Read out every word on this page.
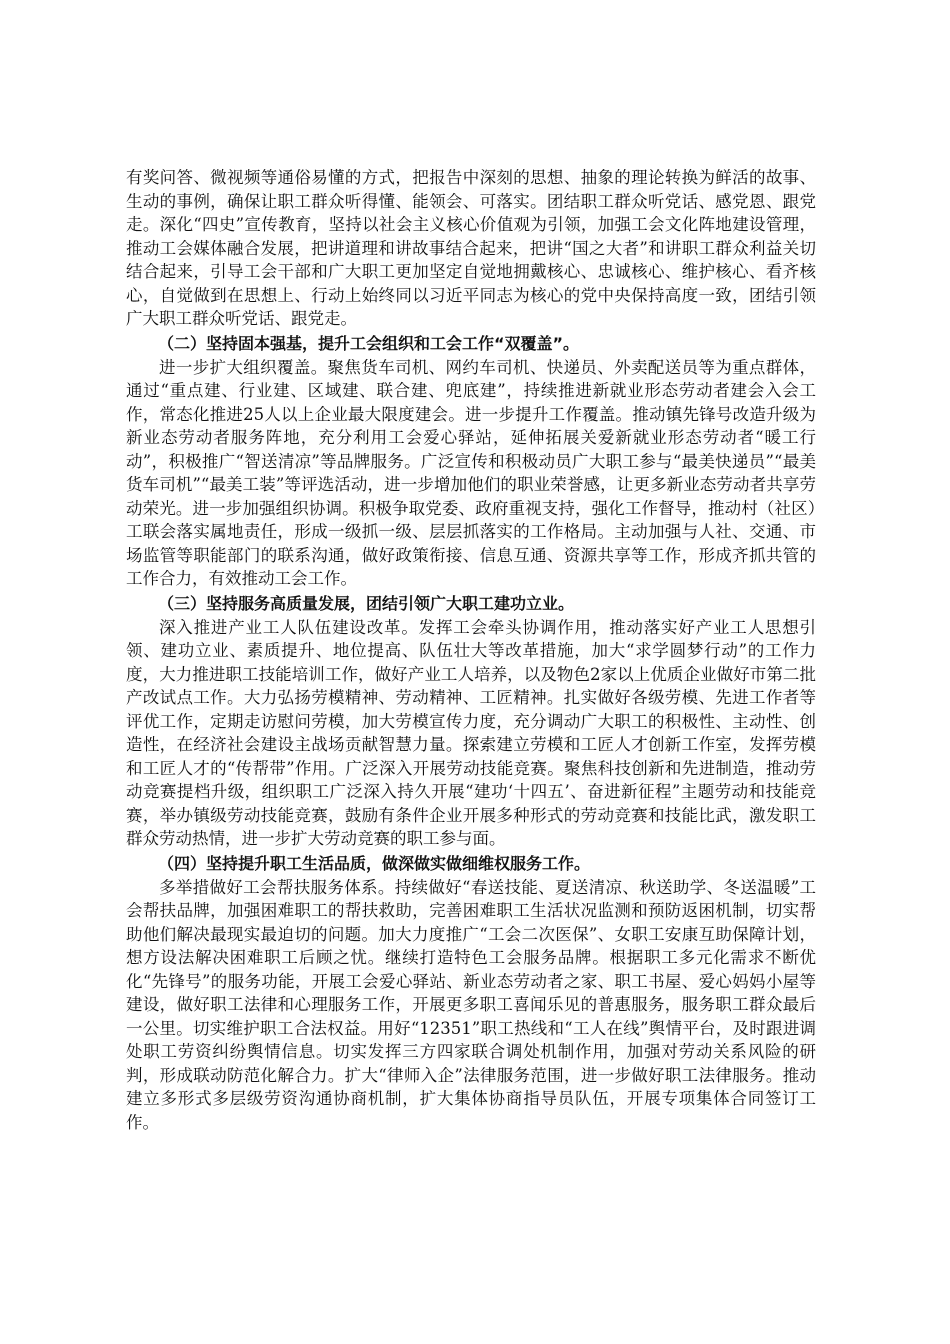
有奖问答、微视频等通俗易懂的方式，把报告中深刻的思想、抽象的理论转换为鲜活的故事、生动的事例，确保让职工群众听得懂、能领会、可落实。团结职工群众听党话、感党恩、跟党走。深化“四史”宣传教育，坚持以社会主义核心价值观为引领，加强工会文化阵地建设管理，推动工会媒体融合发展，把讲道理和讲故事结合起来，把讲“国之大者”和讲职工群众利益关切结合起来，引导工会干部和广大职工更加坚定自觉地拥戴核心、忠诚核心、维护核心、看齐核心，自觉做到在思想上、行动上始终同以习近平同志为核心的党中央保持高度一致，团结引领广大职工群众听党话、跟党走。

（二）坚持固本强基，提升工会组织和工会工作“双覆盖”。

进一步扩大组织覆盖。聚焦货车司机、网约车司机、快递员、外卖配送员等为重点群体，通过“重点建、行业建、区域建、联合建、兜底建”，持续推进新就业形态劳动者建会入会工作，常态化推进25人以上企业最大限度建会。进一步提升工作覆盖。推动镇先锋号改造升级为新业态劳动者服务阵地，充分利用工会爱心驿站，延伸拓展关爱新就业形态劳动者“暖工行动”，积极推广“智送清凉”等品牌服务。广泛宣传和积极动员广大职工参与“最美快递员”“最美货车司机”“最美工装”等评选活动，进一步增加他们的职业荣誉感，让更多新业态劳动者共享劳动荣光。进一步加强组织协调。积极争取党委、政府重视支持，强化工作督导，推动村（社区）工联会落实属地责任，形成一级抓一级、层层抓落实的工作格局。主动加强与人社、交通、市场监管等职能部门的联系沟通，做好政策衔接、信息互通、资源共享等工作，形成齐抓共管的工作合力，有效推动工会工作。

（三）坚持服务高质量发展，团结引领广大职工建功立业。

深入推进产业工人队伍建设改革。发挥工会牵头协调作用，推动落实好产业工人思想引领、建功立业、素质提升、地位提高、队伍壮大等改革措施，加大“求学圆梦行动”的工作力度，大力推进职工技能培训工作，做好产业工人培养，以及物色2家以上优质企业做好市第二批产改试点工作。大力弘扬劳模精神、劳动精神、工匠精神。扎实做好各级劳模、先进工作者等评优工作，定期走访慰问劳模，加大劳模宣传力度，充分调动广大职工的积极性、主动性、创造性，在经济社会建设主战场贡献智慧力量。探索建立劳模和工匠人才创新工作室，发挥劳模和工匠人才的“传帮带”作用。广泛深入开展劳动技能竞赛。聚焦科技创新和先进制造，推动劳动竞赛提档升级，组织职工广泛深入持久开展“建功‘十四五’、奋进新征程”主题劳动和技能竞赛，举办镇级劳动技能竞赛，鼓励有条件企业开展多种形式的劳动竞赛和技能比武，激发职工群众劳动热情，进一步扩大劳动竞赛的职工参与面。

（四）坚持提升职工生活品质，做深做实做细维权服务工作。

多举措做好工会帮扶服务体系。持续做好“春送技能、夏送清凉、秋送助学、冬送温暖”工会帮扶品牌，加强困难职工的帮扶救助，完善困难职工生活状况监测和预防返困机制，切实帮助他们解决最现实最迫切的问题。加大力度推广“工会二次医保”、女职工安康互助保障计划，想方设法解决困难职工后顾之忧。继续打造特色工会服务品牌。根据职工多元化需求不断优化“先锋号”的服务功能，开展工会爱心驿站、新业态劳动者之家、职工书屋、爱心妈妈小屋等建设，做好职工法律和心理服务工作，开展更多职工喜闻乐见的普惠服务，服务职工群众最后一公里。切实维护职工合法权益。用好“12351”职工热线和“工人在线”舆情平台，及时跟进调处职工劳资纠纷舆情信息。切实发挥三方四家联合调处机制作用，加强对劳动关系风险的研判，形成联动防范化解合力。扩大“律师入企”法律服务范围，进一步做好职工法律服务。推动建立多形式多层级劳资沟通协商机制，扩大集体协商指导员队伍，开展专项集体合同签订工作。
